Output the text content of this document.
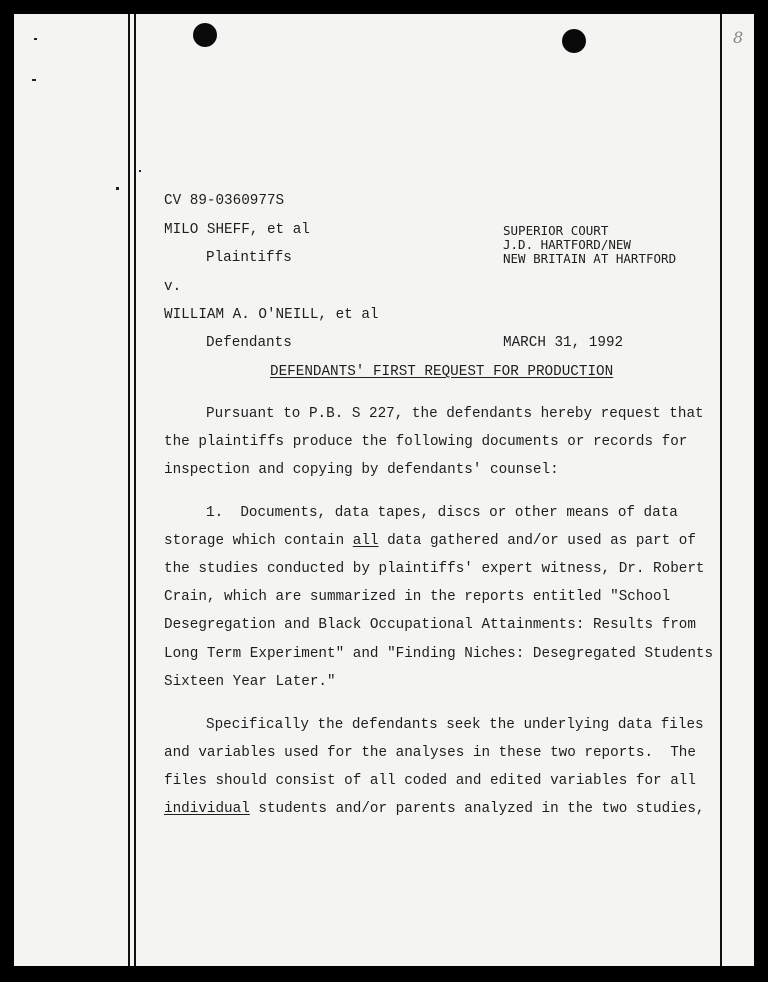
8
CV 89-0360977S
MILO SHEFF, et al
Plaintiffs
v.
WILLIAM A. O'NEILL, et al
Defendants
SUPERIOR COURT
J.D. HARTFORD/NEW
NEW BRITAIN AT HARTFORD
MARCH 31, 1992
DEFENDANTS' FIRST REQUEST FOR PRODUCTION
Pursuant to P.B. S 227, the defendants hereby request that
the plaintiffs produce the following documents or records for
inspection and copying by defendants' counsel:
1.  Documents, data tapes, discs or other means of data
storage which contain all data gathered and/or used as part of
the studies conducted by plaintiffs' expert witness, Dr. Robert
Crain, which are summarized in the reports entitled "School
Desegregation and Black Occupational Attainments: Results from
Long Term Experiment" and "Finding Niches: Desegregated Students
Sixteen Year Later."
Specifically the defendants seek the underlying data files
and variables used for the analyses in these two reports.  The
files should consist of all coded and edited variables for all
individual students and/or parents analyzed in the two studies,
